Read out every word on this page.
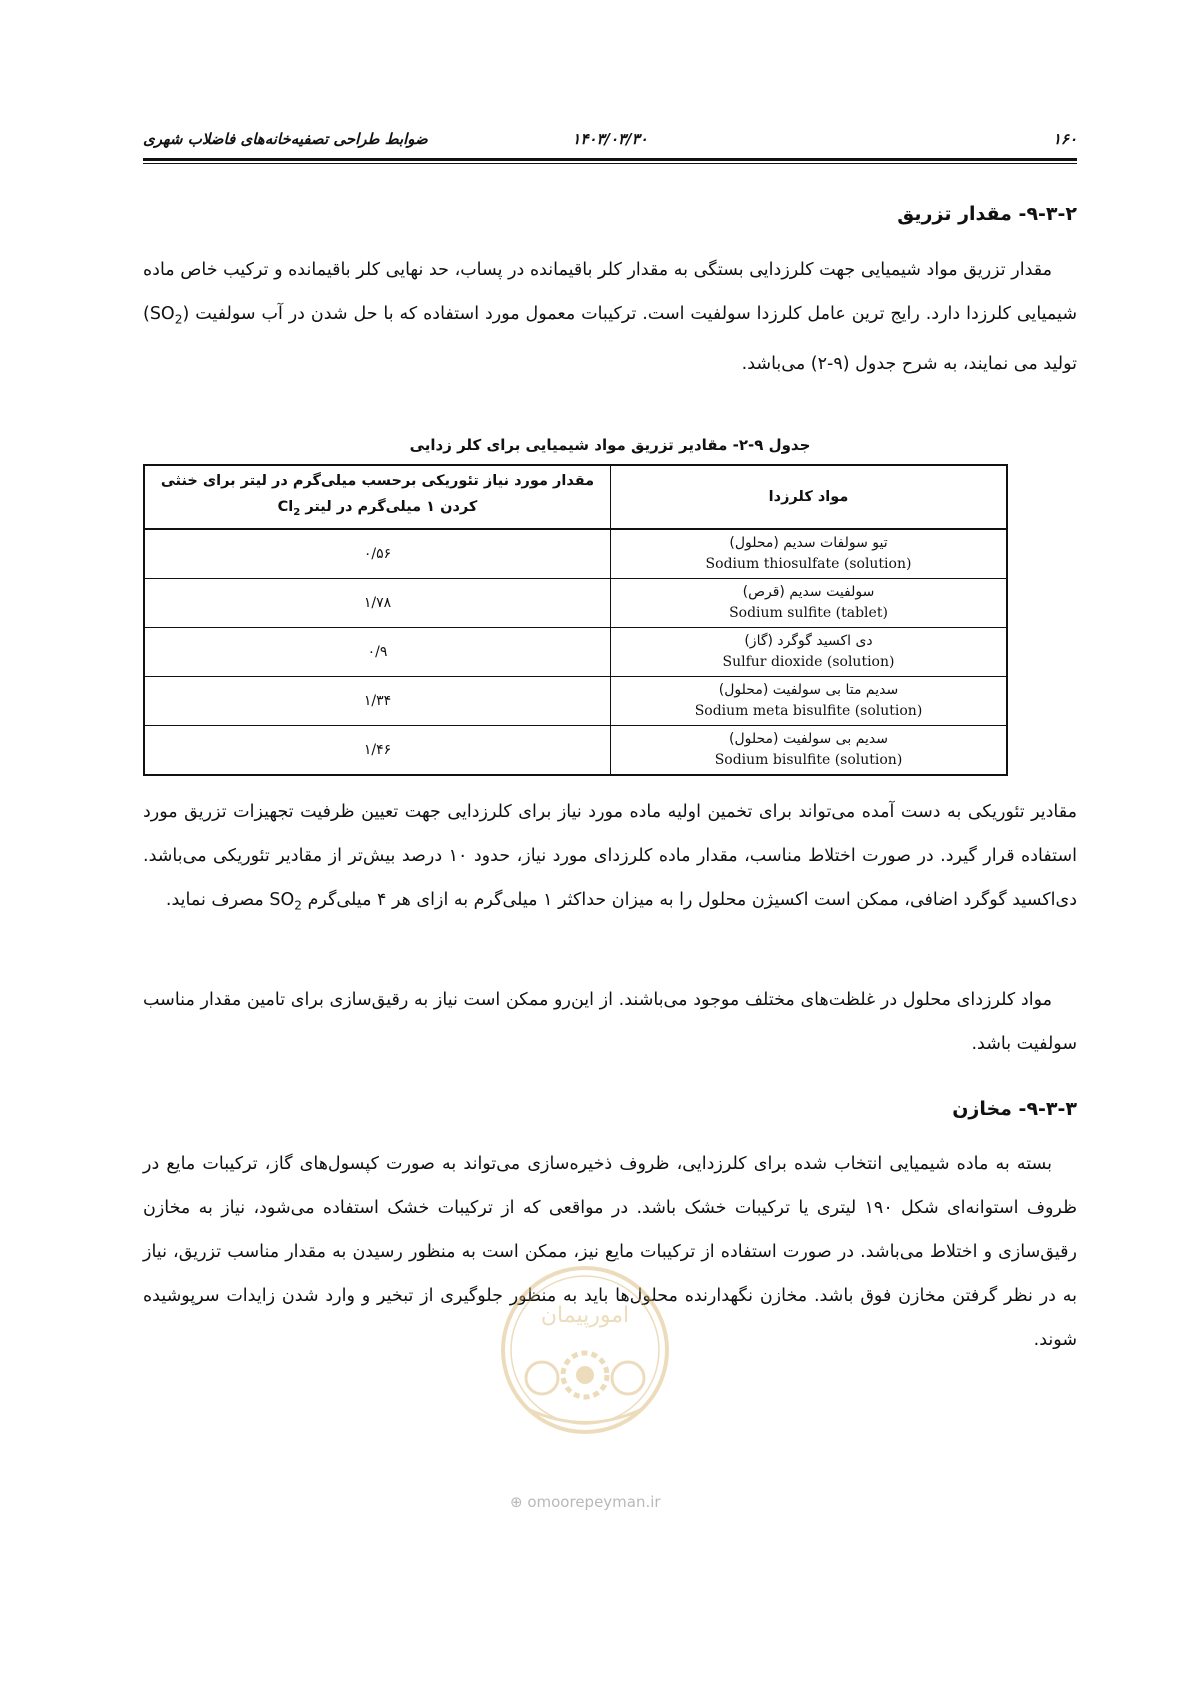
۱۶۰
۱۴۰۳/۰۳/۳۰
ضوابط طراحی تصفیه‌خانه‌های فاضلاب شهری
۹-۳-۲- مقدار تزریق

مقدار تزریق مواد شیمیایی جهت کلرزدایی بستگی به مقدار کلر باقیمانده در پساب، حد نهایی کلر باقیمانده و ترکیب خاص ماده شیمیایی کلرزدا دارد. رایج ترین عامل کلرزدا سولفیت است. ترکیبات معمول مورد استفاده که با حل شدن در آب سولفیت $(SO_2)$ تولید می نمایند، به شرح جدول (۹-۲) می‌باشد.

جدول ۹-۲- مقادیر تزریق مواد شیمیایی برای کلر زدایی
مواد کلرزدا	مقدار مورد نیاز تئوریکی برحسب میلی‌گرم در لیتر برای خنثی
کردن ۱ میلی‌گرم در لیتر $Cl_2$

تیو سولفات سدیم (محلول)
Sodium thiosulfate (solution)	۰/۵۶

سولفیت سدیم (قرص)
Sodium sulfite (tablet)	۱/۷۸

دی اکسید گوگرد (گاز)
Sulfur dioxide (solution)	۰/۹

سدیم متا بی سولفیت (محلول)
Sodium meta bisulfite (solution)	۱/۳۴

سدیم بی سولفیت (محلول)
Sodium bisulfite (solution)	۱/۴۶

مقادیر تئوریکی به دست آمده می‌تواند برای تخمین اولیه ماده مورد نیاز برای کلرزدایی جهت تعیین ظرفیت تجهیزات تزریق مورد استفاده قرار گیرد. در صورت اختلاط مناسب، مقدار ماده کلرزدای مورد نیاز، حدود ۱۰ درصد بیش‌تر از مقادیر تئوریکی می‌باشد. دی‌اکسید گوگرد اضافی، ممکن است اکسیژن محلول را به میزان حداکثر ۱ میلی‌گرم به ازای هر ۴ میلی‌گرم $SO_2$ مصرف نماید.

مواد کلرزدای محلول در غلظت‌های مختلف موجود می‌باشند. از این‌رو ممکن است نیاز به رقیق‌سازی برای تامین مقدار مناسب سولفیت باشد.

۹-۳-۳- مخازن

بسته به ماده شیمیایی انتخاب شده برای کلرزدایی، ظروف ذخیره‌سازی می‌تواند به صورت کپسول‌های گاز، ترکیبات مایع در ظروف استوانه‌ای شکل ۱۹۰ لیتری یا ترکیبات خشک باشد. در مواقعی که از ترکیبات خشک استفاده می‌شود، نیاز به مخازن رقیق‌سازی و اختلاط می‌باشد. در صورت استفاده از ترکیبات مایع نیز، ممکن است به منظور رسیدن به مقدار مناسب تزریق، نیاز به در نظر گرفتن مخازن فوق باشد. مخازن نگهدارنده محلول‌ها باید به منظور جلوگیری از تبخیر و وارد شدن زایدات سرپوشیده شوند.

امورپیمان
⊕ omoorepeyman.ir
